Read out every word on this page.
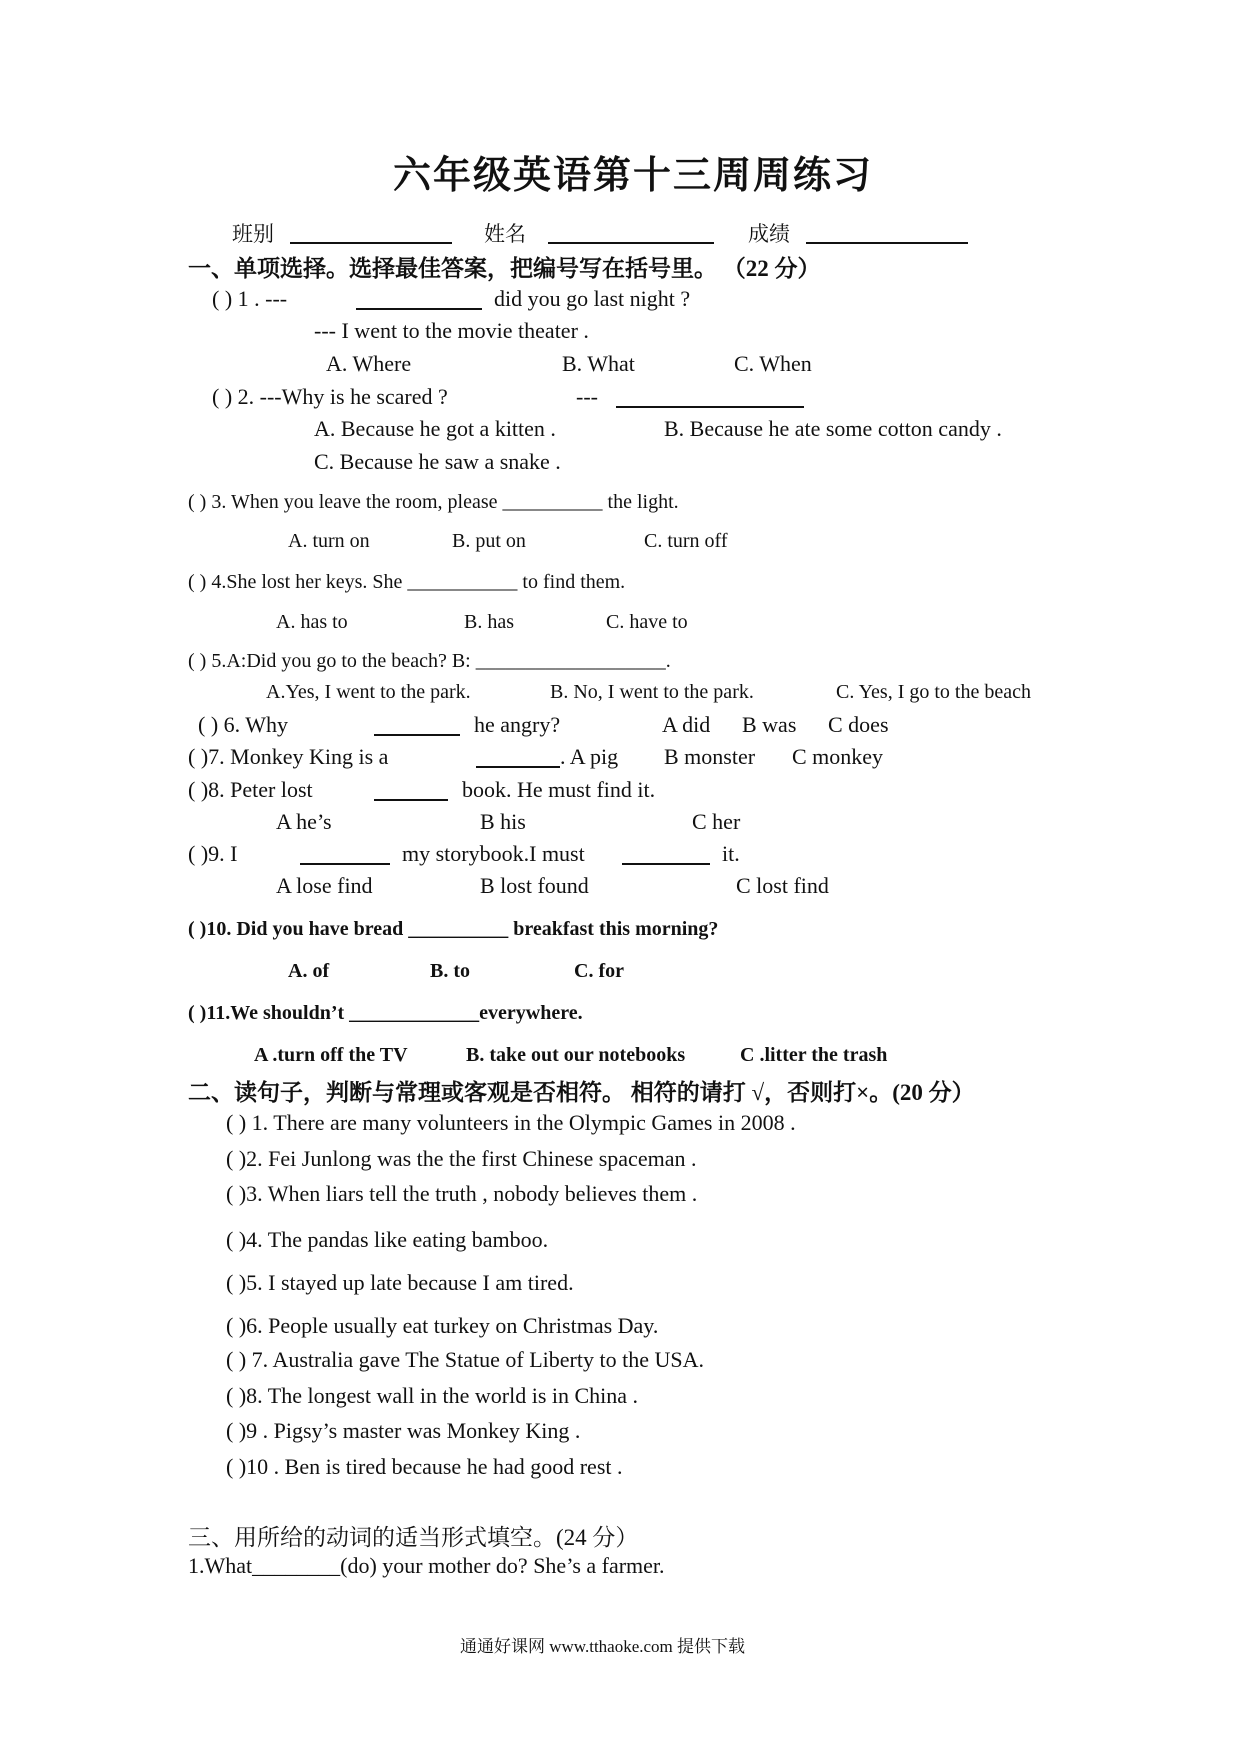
六年级英语第十三周周练习
班别	姓名	成绩
一、单项选择。选择最佳答案，把编号写在括号里。 （22 分）
( ) 1 . ---	did you go last night ?
--- I went to the movie theater .
A. Where	B. What	C. When
( ) 2. ---Why is he scared ?	---
A. Because he got a kitten .	B. Because he ate some cotton candy .
C. Because he saw a snake .
( ) 3. When you leave the room, please __________ the light.
A. turn on	B. put on	C. turn off
( ) 4.She lost her keys. She ___________ to find them.
A. has to	B. has	C. have to
( ) 5.A:Did you go to the beach? B: ___________________.
A.Yes, I went to the park.	B. No, I went to the park.	C. Yes, I go to the beach
( ) 6. Why	he angry?	A did B was C does
( )7. Monkey King is a	. A pig B monster C monkey
( )8. Peter lost	book. He must find it.
A he’s	B his	C her
( )9. I	my storybook.I must	it.
A lose find	B lost found	C lost find
( )10. Did you have bread __________ breakfast this morning?
A. of	B. to	C. for
( )11.We shouldn’t _____________everywhere.
A .turn off the TV	B. take out our notebooks	C .litter the trash
二、读句子，判断与常理或客观是否相符。 相符的请打 √，否则打×。(20 分）
( ) 1. There are many volunteers in the Olympic Games in 2008 .
( )2. Fei Junlong was the the first Chinese spaceman .
( )3. When liars tell the truth , nobody believes them .
( )4. The pandas like eating bamboo.
( )5. I stayed up late because I am tired.
( )6. People usually eat turkey on Christmas Day.
( ) 7. Australia gave The Statue of Liberty to the USA.
( )8. The longest wall in the world is in China .
( )9 . Pigsy’s master was Monkey King .
( )10 . Ben is tired because he had good rest .
三、用所给的动词的适当形式填空。(24 分）
1.What________(do) your mother do? She’s a farmer.
通通好课网 www.tthaoke.com 提供下载
